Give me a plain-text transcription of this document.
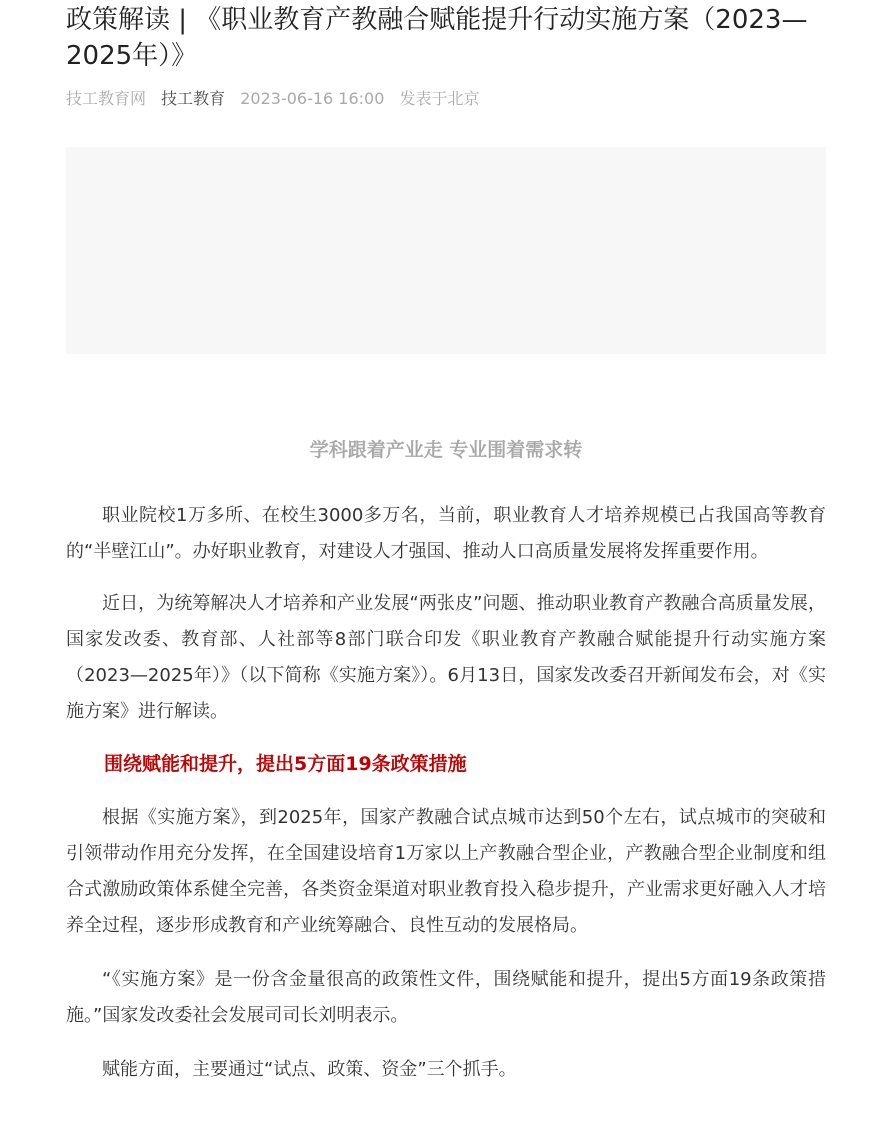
政策解读 | 《职业教育产教融合赋能提升行动实施方案（2023—2025年）》
技工教育网 技工教育 2023-06-16 16:00 发表于北京
学科跟着产业走 专业围着需求转

职业院校1万多所、在校生3000多万名，当前，职业教育人才培养规模已占我国高等教育的“半壁江山”。办好职业教育，对建设人才强国、推动人口高质量发展将发挥重要作用。

近日，为统筹解决人才培养和产业发展“两张皮”问题、推动职业教育产教融合高质量发展，国家发改委、教育部、人社部等8部门联合印发《职业教育产教融合赋能提升行动实施方案（2023—2025年）》（以下简称《实施方案》）。6月13日，国家发改委召开新闻发布会，对《实施方案》进行解读。

围绕赋能和提升，提出5方面19条政策措施

根据《实施方案》，到2025年，国家产教融合试点城市达到50个左右，试点城市的突破和引领带动作用充分发挥，在全国建设培育1万家以上产教融合型企业，产教融合型企业制度和组合式激励政策体系健全完善，各类资金渠道对职业教育投入稳步提升，产业需求更好融入人才培养全过程，逐步形成教育和产业统筹融合、良性互动的发展格局。

“《实施方案》是一份含金量很高的政策性文件，围绕赋能和提升，提出5方面19条政策措施。”国家发改委社会发展司司长刘明表示。

赋能方面，主要通过“试点、政策、资金”三个抓手。
